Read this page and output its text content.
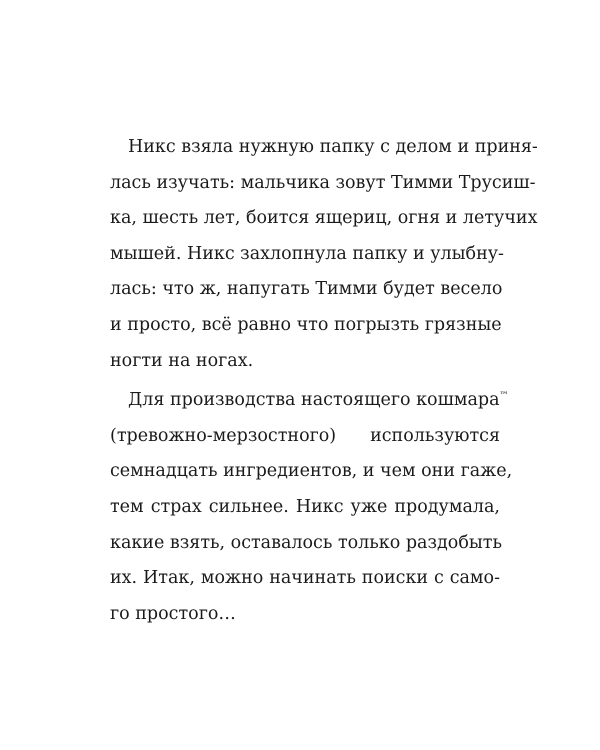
Никс взяла нужную папку с делом и приня-
лась изучать: мальчика зовут Тимми Трусиш-
ка, шесть лет, боится ящериц, огня и летучих
мышей. Никс захлопнула папку и улыбну-
лась: что ж, напугать Тимми будет весело
и просто, всё равно что погрызть грязные
ногти на ногах.
Для производства настоящего кошмара™
(тревожно-мерзостного) используются
семнадцать ингредиентов, и чем они гаже,
тем страх сильнее. Никс уже продумала,
какие взять, оставалось только раздобыть
их. Итак, можно начинать поиски с само-
го простого…
